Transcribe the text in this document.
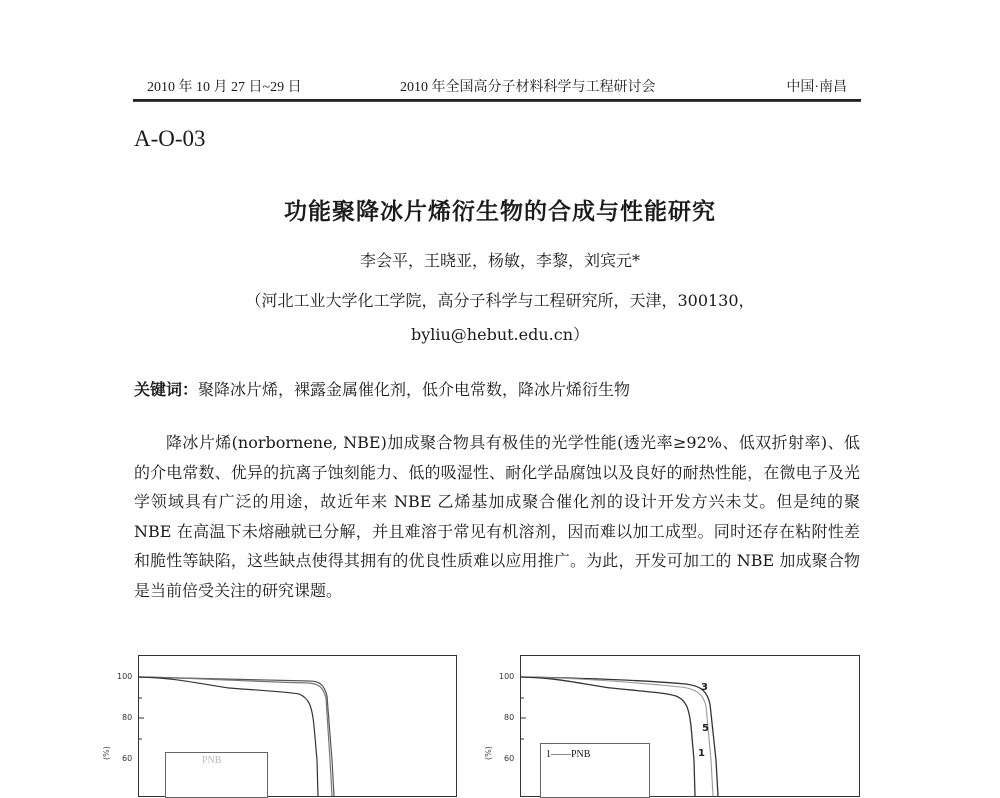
2010 年 10 月 27 日~29 日	2010 年全国高分子材料科学与工程研讨会	中国·南昌
A-O-03
功能聚降冰片烯衍生物的合成与性能研究
李会平，王晓亚，杨敏，李黎，刘宾元*
（河北工业大学化工学院，高分子科学与工程研究所，天津，300130，
byliu@hebut.edu.cn）
关键词：聚降冰片烯，裸露金属催化剂，低介电常数，降冰片烯衍生物

降冰片烯(norbornene, NBE)加成聚合物具有极佳的光学性能(透光率≥92%、低双折射率)、低的介电常数、优异的抗离子蚀刻能力、低的吸湿性、耐化学品腐蚀以及良好的耐热性能，在微电子及光学领域具有广泛的用途，故近年来 NBE 乙烯基加成聚合催化剂的设计开发方兴未艾。但是纯的聚 NBE 在高温下未熔融就已分解，并且难溶于常见有机溶剂，因而难以加工成型。同时还存在粘附性差和脆性等缺陷，这些缺点使得其拥有的优良性质难以应用推广。为此，开发可加工的 NBE 加成聚合物是当前倍受关注的研究课题。

100
80
60
(%)
PNB
100
80
60
(%)
3
5
1
1——PNB
